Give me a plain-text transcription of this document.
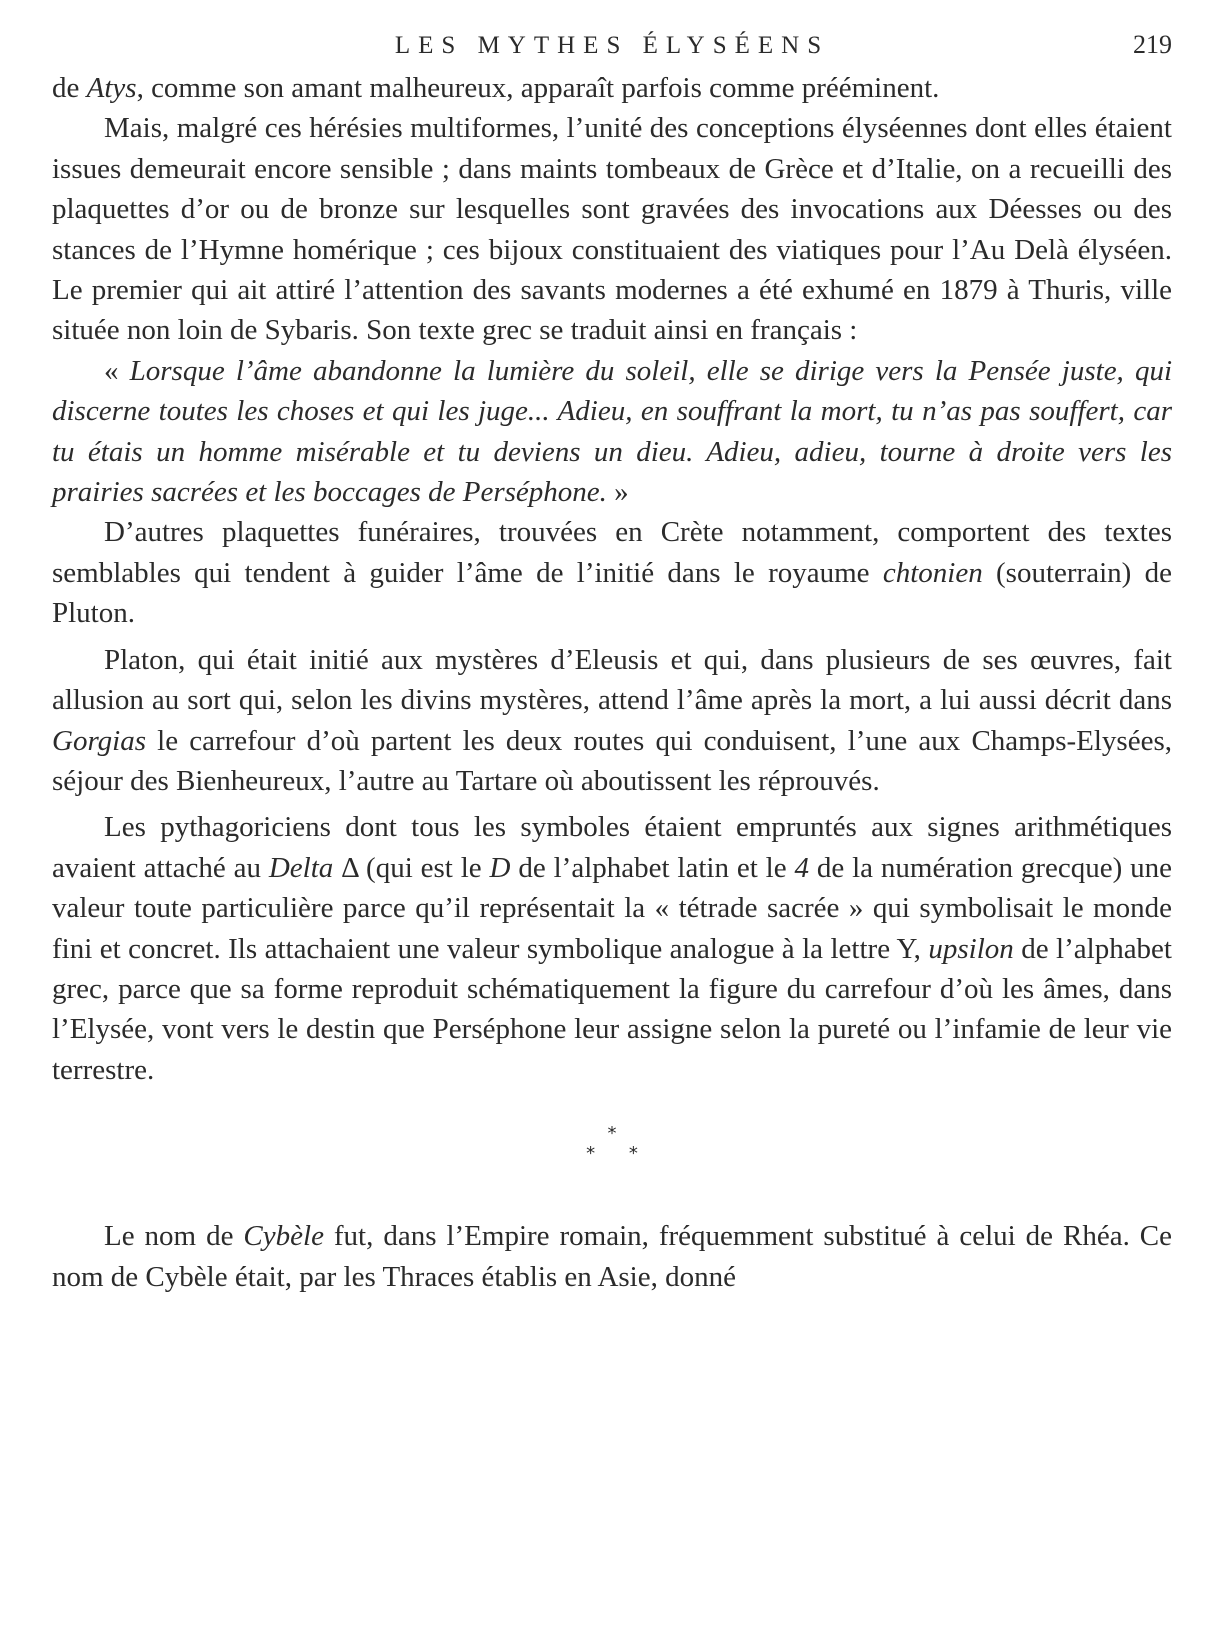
LES MYTHES ÉLYSÉENS	219

de Atys, comme son amant malheureux, apparaît parfois comme prééminent.

Mais, malgré ces hérésies multiformes, l’unité des conceptions élyséennes dont elles étaient issues demeurait encore sensible ; dans maints tombeaux de Grèce et d’Italie, on a recueilli des plaquettes d’or ou de bronze sur lesquelles sont gravées des invocations aux Déesses ou des stances de l’Hymne homérique ; ces bijoux constituaient des viatiques pour l’Au Delà élyséen. Le premier qui ait attiré l’attention des savants modernes a été exhumé en 1879 à Thuris, ville située non loin de Sybaris. Son texte grec se traduit ainsi en français :

« Lorsque l’âme abandonne la lumière du soleil, elle se dirige vers la Pensée juste, qui discerne toutes les choses et qui les juge... Adieu, en souffrant la mort, tu n’as pas souffert, car tu étais un homme misérable et tu deviens un dieu. Adieu, adieu, tourne à droite vers les prairies sacrées et les boccages de Perséphone. »

D’autres plaquettes funéraires, trouvées en Crète notamment, comportent des textes semblables qui tendent à guider l’âme de l’initié dans le royaume chtonien (souterrain) de Pluton.

Platon, qui était initié aux mystères d’Eleusis et qui, dans plusieurs de ses œuvres, fait allusion au sort qui, selon les divins mystères, attend l’âme après la mort, a lui aussi décrit dans Gorgias le carrefour d’où partent les deux routes qui conduisent, l’une aux Champs-Elysées, séjour des Bienheureux, l’autre au Tartare où aboutissent les réprouvés.

Les pythagoriciens dont tous les symboles étaient empruntés aux signes arithmétiques avaient attaché au Delta Δ (qui est le D de l’alphabet latin et le 4 de la numération grecque) une valeur toute particulière parce qu’il représentait la « tétrade sacrée » qui symbolisait le monde fini et concret. Ils attachaient une valeur symbolique analogue à la lettre Y, upsilon de l’alphabet grec, parce que sa forme reproduit schématiquement la figure du carrefour d’où les âmes, dans l’Elysée, vont vers le destin que Perséphone leur assigne selon la pureté ou l’infamie de leur vie terrestre.

*
* *

Le nom de Cybèle fut, dans l’Empire romain, fréquemment substitué à celui de Rhéa. Ce nom de Cybèle était, par les Thraces établis en Asie, donné
